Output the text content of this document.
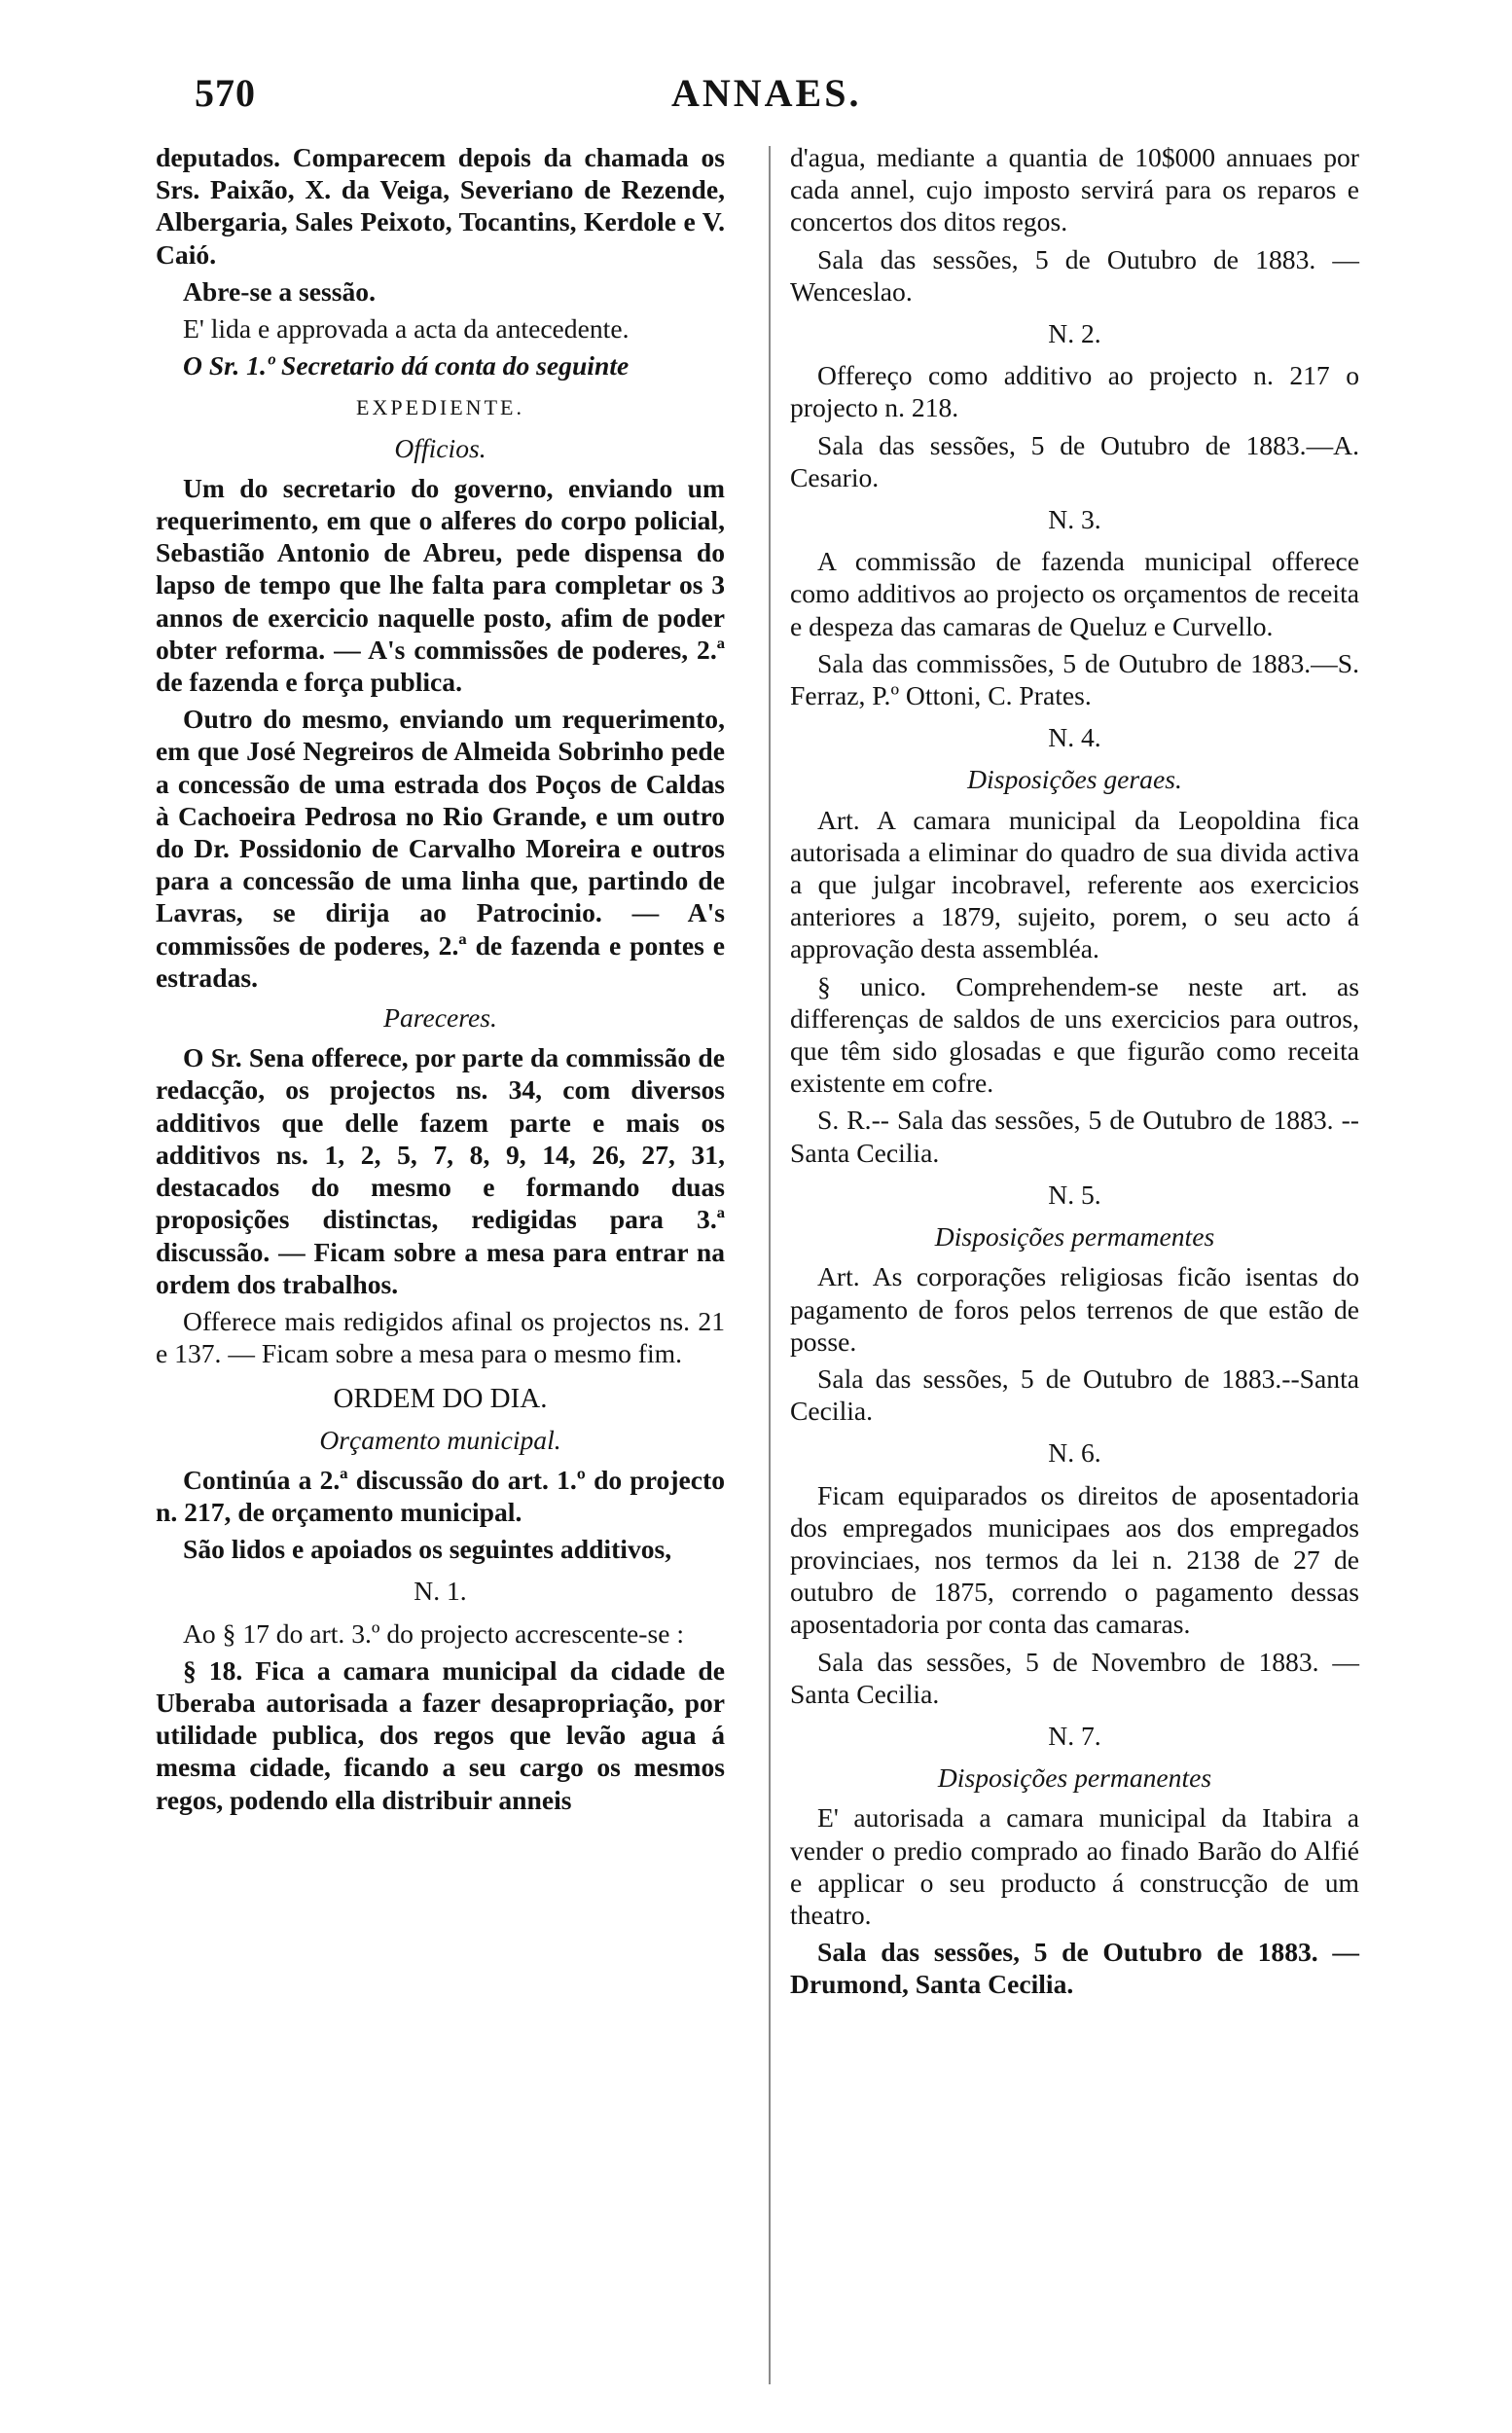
570	ANNAES.

deputados. Comparecem depois da chamada os Srs. Paixão, X. da Veiga, Severiano de Rezende, Albergaria, Sales Peixoto, Tocantins, Kerdole e V. Caió.

Abre-se a sessão.

E' lida e approvada a acta da antecedente.

O Sr. 1.º Secretario dá conta do seguinte

EXPEDIENTE.

Officios.

Um do secretario do governo, enviando um requerimento, em que o alferes do corpo policial, Sebastião Antonio de Abreu, pede dispensa do lapso de tempo que lhe falta para completar os 3 annos de exercicio naquelle posto, afim de poder obter reforma. — A's commissões de poderes, 2.ª de fazenda e força publica.

Outro do mesmo, enviando um requerimento, em que José Negreiros de Almeida Sobrinho pede a concessão de uma estrada dos Poços de Caldas à Cachoeira Pedrosa no Rio Grande, e um outro do Dr. Possidonio de Carvalho Moreira e outros para a concessão de uma linha que, partindo de Lavras, se dirija ao Patrocinio. — A's commissões de poderes, 2.ª de fazenda e pontes e estradas.

Pareceres.

O Sr. Sena offerece, por parte da commissão de redacção, os projectos ns. 34, com diversos additivos que delle fazem parte e mais os additivos ns. 1, 2, 5, 7, 8, 9, 14, 26, 27, 31, destacados do mesmo e formando duas proposições distinctas, redigidas para 3.ª discussão. — Ficam sobre a mesa para entrar na ordem dos trabalhos.

Offerece mais redigidos afinal os projectos ns. 21 e 137. — Ficam sobre a mesa para o mesmo fim.

ORDEM DO DIA.

Orçamento municipal.

Continúa a 2.ª discussão do art. 1.º do projecto n. 217, de orçamento municipal.

São lidos e apoiados os seguintes additivos,

N. 1.

Ao § 17 do art. 3.º do projecto accrescente-se :

§ 18. Fica a camara municipal da cidade de Uberaba autorisada a fazer desapropriação, por utilidade publica, dos regos que levão agua á mesma cidade, ficando a seu cargo os mesmos regos, podendo ella distribuir anneis

d'agua, mediante a quantia de 10$000 annuaes por cada annel, cujo imposto servirá para os reparos e concertos dos ditos regos.

Sala das sessões, 5 de Outubro de 1883. — Wenceslao.

N. 2.

Offereço como additivo ao projecto n. 217 o projecto n. 218.

Sala das sessões, 5 de Outubro de 1883.—A. Cesario.

N. 3.

A commissão de fazenda municipal offerece como additivos ao projecto os orçamentos de receita e despeza das camaras de Queluz e Curvello.

Sala das commissões, 5 de Outubro de 1883.—S. Ferraz, P.º Ottoni, C. Prates.

N. 4.

Disposições geraes.

Art. A camara municipal da Leopoldina fica autorisada a eliminar do quadro de sua divida activa a que julgar incobravel, referente aos exercicios anteriores a 1879, sujeito, porem, o seu acto á approvação desta assembléa.

§ unico. Comprehendem-se neste art. as differenças de saldos de uns exercicios para outros, que têm sido glosadas e que figurão como receita existente em cofre.

S. R.-- Sala das sessões, 5 de Outubro de 1883. -- Santa Cecilia.

N. 5.

Disposições permamentes

Art. As corporações religiosas ficão isentas do pagamento de foros pelos terrenos de que estão de posse.

Sala das sessões, 5 de Outubro de 1883.--Santa Cecilia.

N. 6.

Ficam equiparados os direitos de aposentadoria dos empregados municipaes aos dos empregados provinciaes, nos termos da lei n. 2138 de 27 de outubro de 1875, correndo o pagamento dessas aposentadoria por conta das camaras.

Sala das sessões, 5 de Novembro de 1883. — Santa Cecilia.

N. 7.

Disposições permanentes

E' autorisada a camara municipal da Itabira a vender o predio comprado ao finado Barão do Alfié e applicar o seu producto á construcção de um theatro.

Sala das sessões, 5 de Outubro de 1883. — Drumond, Santa Cecilia.
